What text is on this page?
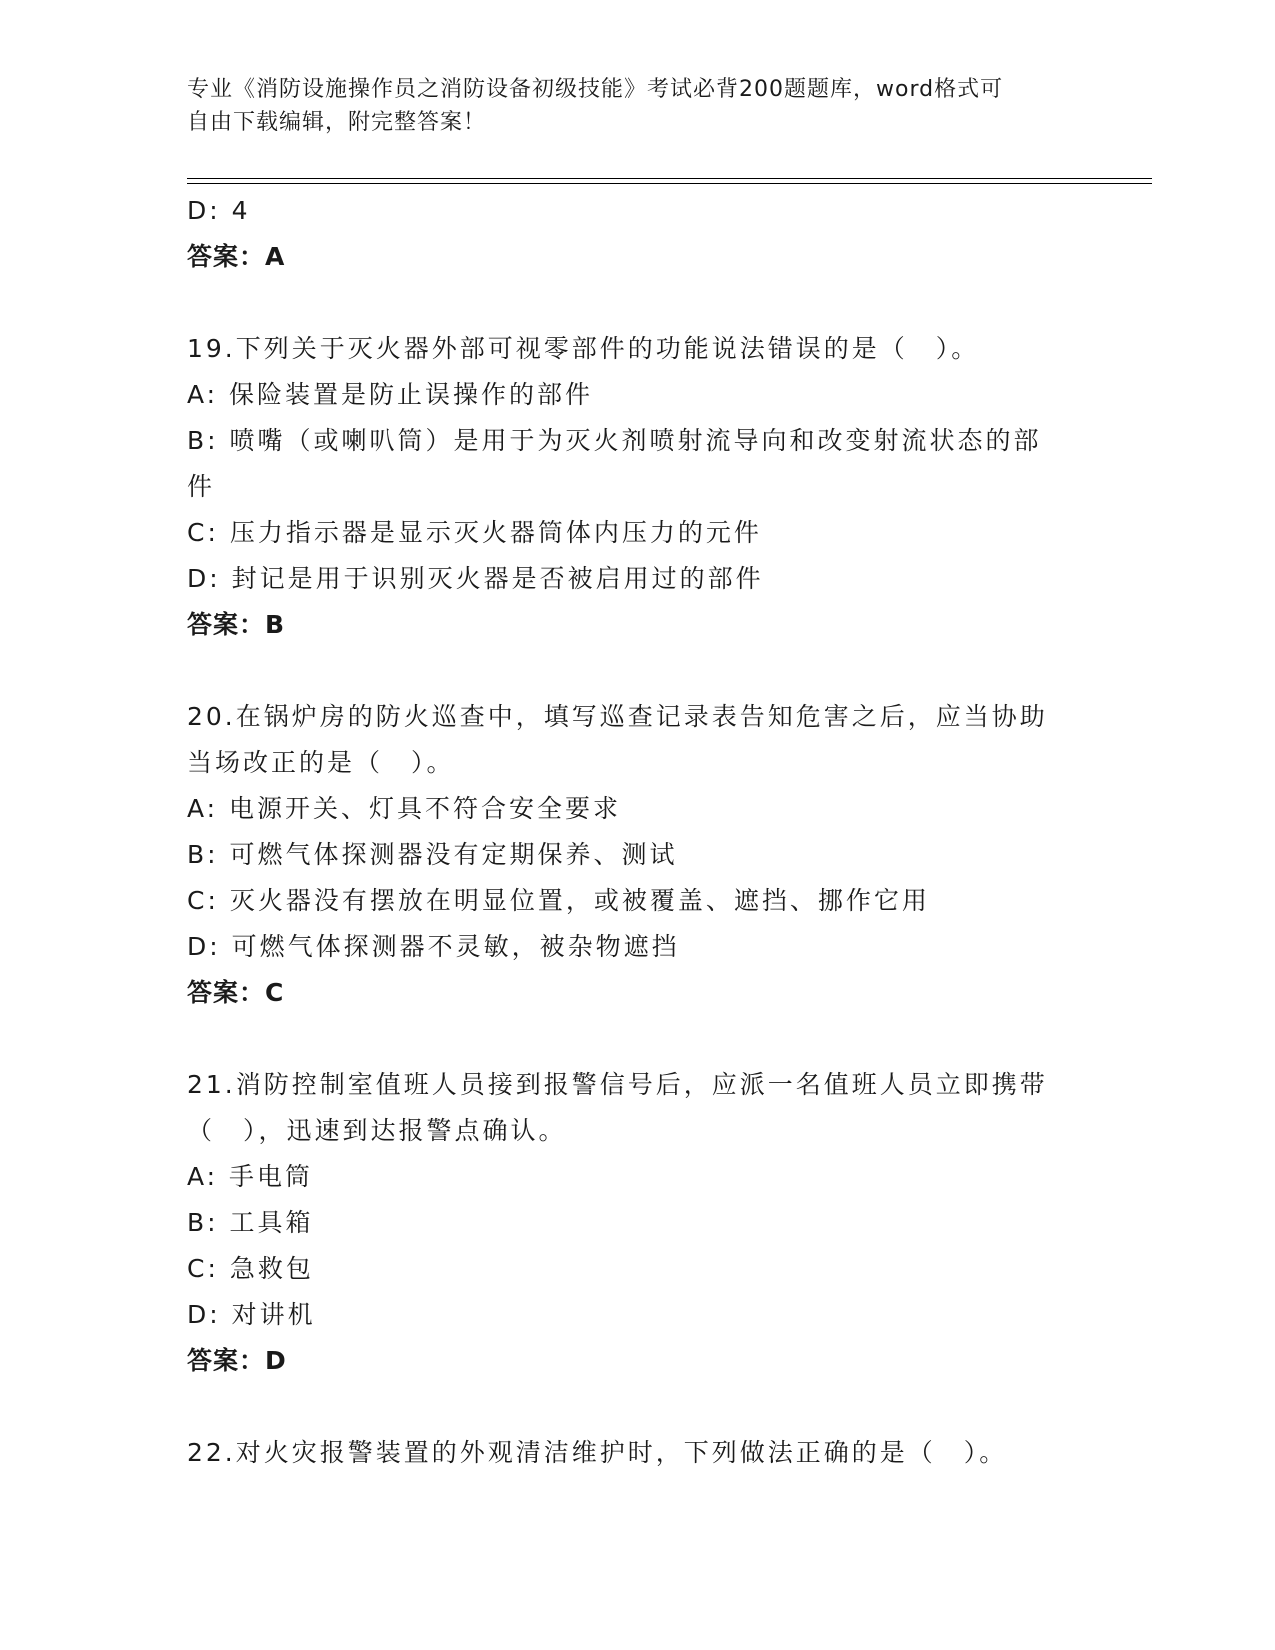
专业《消防设施操作员之消防设备初级技能》考试必背200题题库，word格式可
自由下载编辑，附完整答案！
D: 4
答案：A
19.下列关于灭火器外部可视零部件的功能说法错误的是（　）。
A: 保险装置是防止误操作的部件
B: 喷嘴（或喇叭筒）是用于为灭火剂喷射流导向和改变射流状态的部
件
C: 压力指示器是显示灭火器筒体内压力的元件
D: 封记是用于识别灭火器是否被启用过的部件
答案：B
20.在锅炉房的防火巡查中，填写巡查记录表告知危害之后，应当协助
当场改正的是（　）。
A: 电源开关、灯具不符合安全要求
B: 可燃气体探测器没有定期保养、测试
C: 灭火器没有摆放在明显位置，或被覆盖、遮挡、挪作它用
D: 可燃气体探测器不灵敏，被杂物遮挡
答案：C
21.消防控制室值班人员接到报警信号后，应派一名值班人员立即携带
（　），迅速到达报警点确认。
A: 手电筒
B: 工具箱
C: 急救包
D: 对讲机
答案：D
22.对火灾报警装置的外观清洁维护时，下列做法正确的是（　）。
